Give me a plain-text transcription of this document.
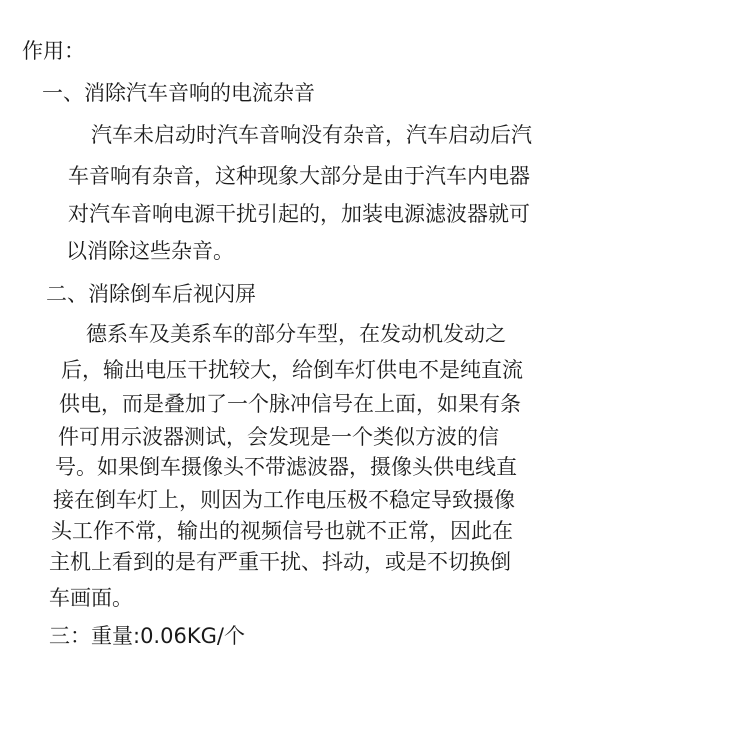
作用：

一、消除汽车音响的电流杂音

汽车未启动时汽车音响没有杂音，汽车启动后汽

车音响有杂音，这种现象大部分是由于汽车内电器

对汽车音响电源干扰引起的，加装电源滤波器就可

以消除这些杂音。

二、消除倒车后视闪屏

德系车及美系车的部分车型，在发动机发动之

后，输出电压干扰较大，给倒车灯供电不是纯直流

供电，而是叠加了一个脉冲信号在上面，如果有条

件可用示波器测试，会发现是一个类似方波的信

号。如果倒车摄像头不带滤波器，摄像头供电线直

接在倒车灯上，则因为工作电压极不稳定导致摄像

头工作不常，输出的视频信号也就不正常，因此在

主机上看到的是有严重干扰、抖动，或是不切换倒

车画面。

三：重量:0.06KG/个
